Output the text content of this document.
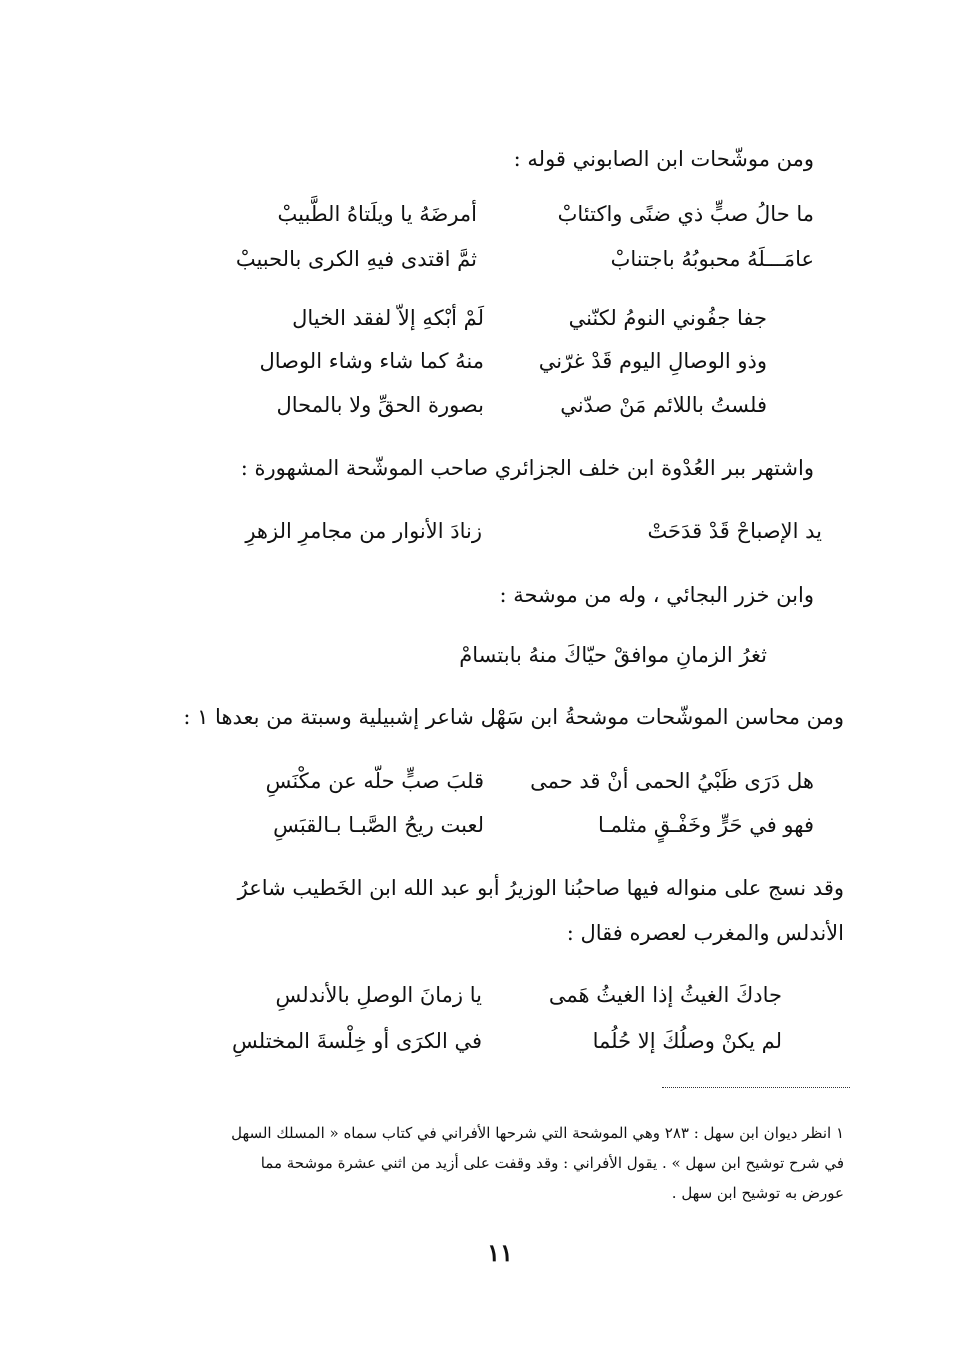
ومن موشّحات ابن الصابوني قوله :
ما حالُ صبٍّ ذي ضنًى واكتئابْ
أمرضَهُ يا ويلَتاهُ الطَّبيبْ
عامَـــلَهُ محبوبُهُ باجتنابْ
ثمَّ اقتدى فيهِ الكرى بالحبيبْ
جفا جفُوني النومُ لكنّني
لَمْ أبْكهِ إلاّ لفقد الخيال
وذو الوصالِ اليوم قَدْ غرّني
منهُ كما شاء وشاء الوصال
فلستُ باللائم مَنْ صدّني
بصورة الحقِّ ولا بالمحال
واشتهر ببر العُدْوة ابن خلف الجزائري صاحب الموشّحة المشهورة :
يد الإصباحْ قَدْ قدَحَتْ
زنادَ الأنوار من مجامرِ الزهرِ
وابن خزر البجائي ، وله من موشحة :
ثغرُ الزمانِ موافقْ حيّاكَ منهُ بابتسامْ
ومن محاسن الموشّحات موشحةُ ابن سَهْل شاعر إشبيلية وسبتة من بعدها ١ :
هل دَرَى ظَبْيُ الحمى أنْ قد حمى
قلبَ صبٍّ حلّه عن مكْنَسِ
فهو في حَرٍّ وخَفْـقٍ مثلمـا
لعبت ريحُ الصَّبـا بـالقبَسِ
وقد نسج على منواله فيها صاحبُنا الوزيرُ أبو عبد الله ابن الخَطيب شاعرُ
الأندلس والمغرب لعصره فقال :
جادكَ الغيثُ إذا الغيثُ هَمى
يا زمانَ الوصلِ بالأندلسِ
لم يكنْ وصلُكَ إلا حُلُما
في الكرَى أو خِلْسةَ المختلسِ
١ انظر ديوان ابن سهل : ٢٨٣ وهي الموشحة التي شرحها الأفراني في كتاب سماه « المسلك السهل
في شرح توشيح ابن سهل » . يقول الأفراني : وقد وقفت على أزيد من اثني عشرة موشحة مما
عورض به توشيح ابن سهل .
١١
